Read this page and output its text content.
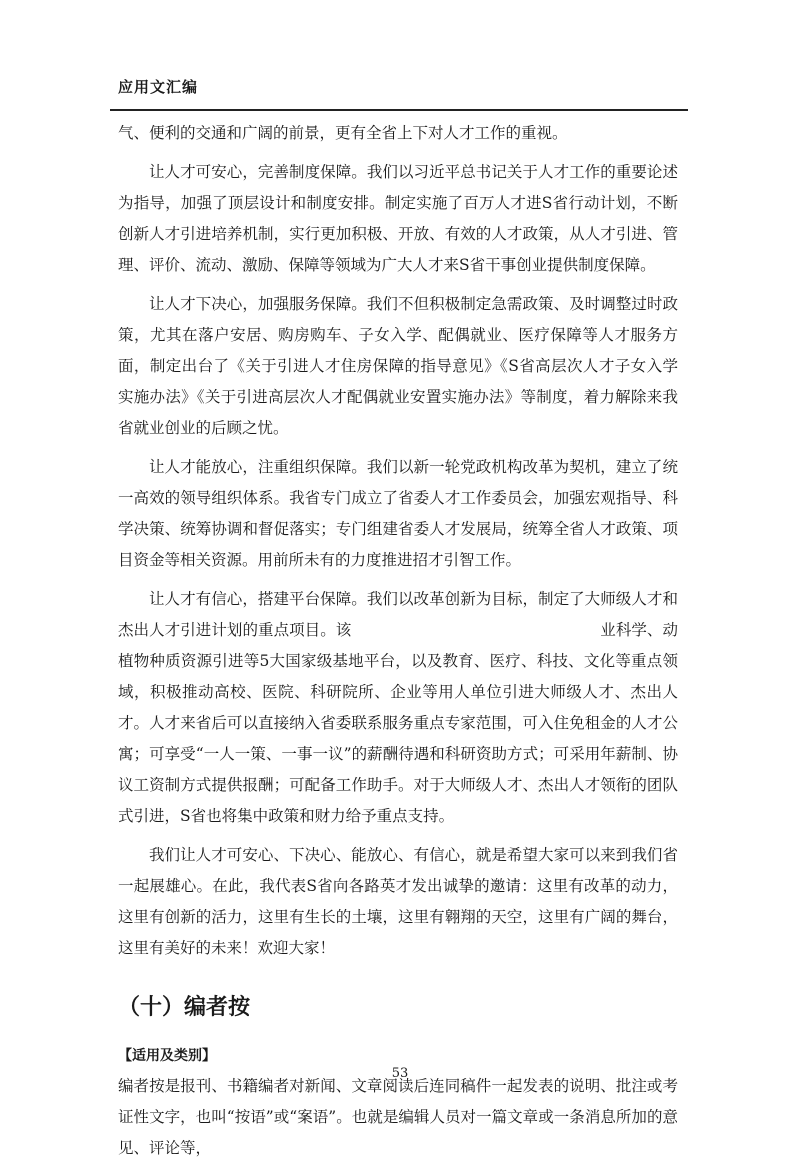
应用文汇编

气、便利的交通和广阔的前景，更有全省上下对人才工作的重视。

让人才可安心，完善制度保障。我们以习近平总书记关于人才工作的重要论述为指导，加强了顶层设计和制度安排。制定实施了百万人才进S省行动计划，不断创新人才引进培养机制，实行更加积极、开放、有效的人才政策，从人才引进、管理、评价、流动、激励、保障等领域为广大人才来S省干事创业提供制度保障。

让人才下决心，加强服务保障。我们不但积极制定急需政策、及时调整过时政策，尤其在落户安居、购房购车、子女入学、配偶就业、医疗保障等人才服务方面，制定出台了《关于引进人才住房保障的指导意见》《S省高层次人才子女入学实施办法》《关于引进高层次人才配偶就业安置实施办法》等制度，着力解除来我省就业创业的后顾之忧。

让人才能放心，注重组织保障。我们以新一轮党政机构改革为契机，建立了统一高效的领导组织体系。我省专门成立了省委人才工作委员会，加强宏观指导、科学决策、统筹协调和督促落实；专门组建省委人才发展局，统筹全省人才政策、项目资金等相关资源。用前所未有的力度推进招才引智工作。

让人才有信心，搭建平台保障。我们以改革创新为目标，制定了大师级人才和杰出人才引进计划的重点项目。该　　　　　　　　　　　　　　　　业科学、动植物种质资源引进等5大国家级基地平台，以及教育、医疗、科技、文化等重点领域，积极推动高校、医院、科研院所、企业等用人单位引进大师级人才、杰出人才。人才来省后可以直接纳入省委联系服务重点专家范围，可入住免租金的人才公寓；可享受“一人一策、一事一议”的薪酬待遇和科研资助方式；可采用年薪制、协议工资制方式提供报酬；可配备工作助手。对于大师级人才、杰出人才领衔的团队式引进，S省也将集中政策和财力给予重点支持。

我们让人才可安心、下决心、能放心、有信心，就是希望大家可以来到我们省一起展雄心。在此，我代表S省向各路英才发出诚挚的邀请：这里有改革的动力，这里有创新的活力，这里有生长的土壤，这里有翱翔的天空，这里有广阔的舞台，这里有美好的未来！欢迎大家！

（十）编者按
【适用及类别】

编者按是报刊、书籍编者对新闻、文章阅读后连同稿件一起发表的说明、批注或考证性文字，也叫“按语”或“案语”。也就是编辑人员对一篇文章或一条消息所加的意见、评论等，

53
